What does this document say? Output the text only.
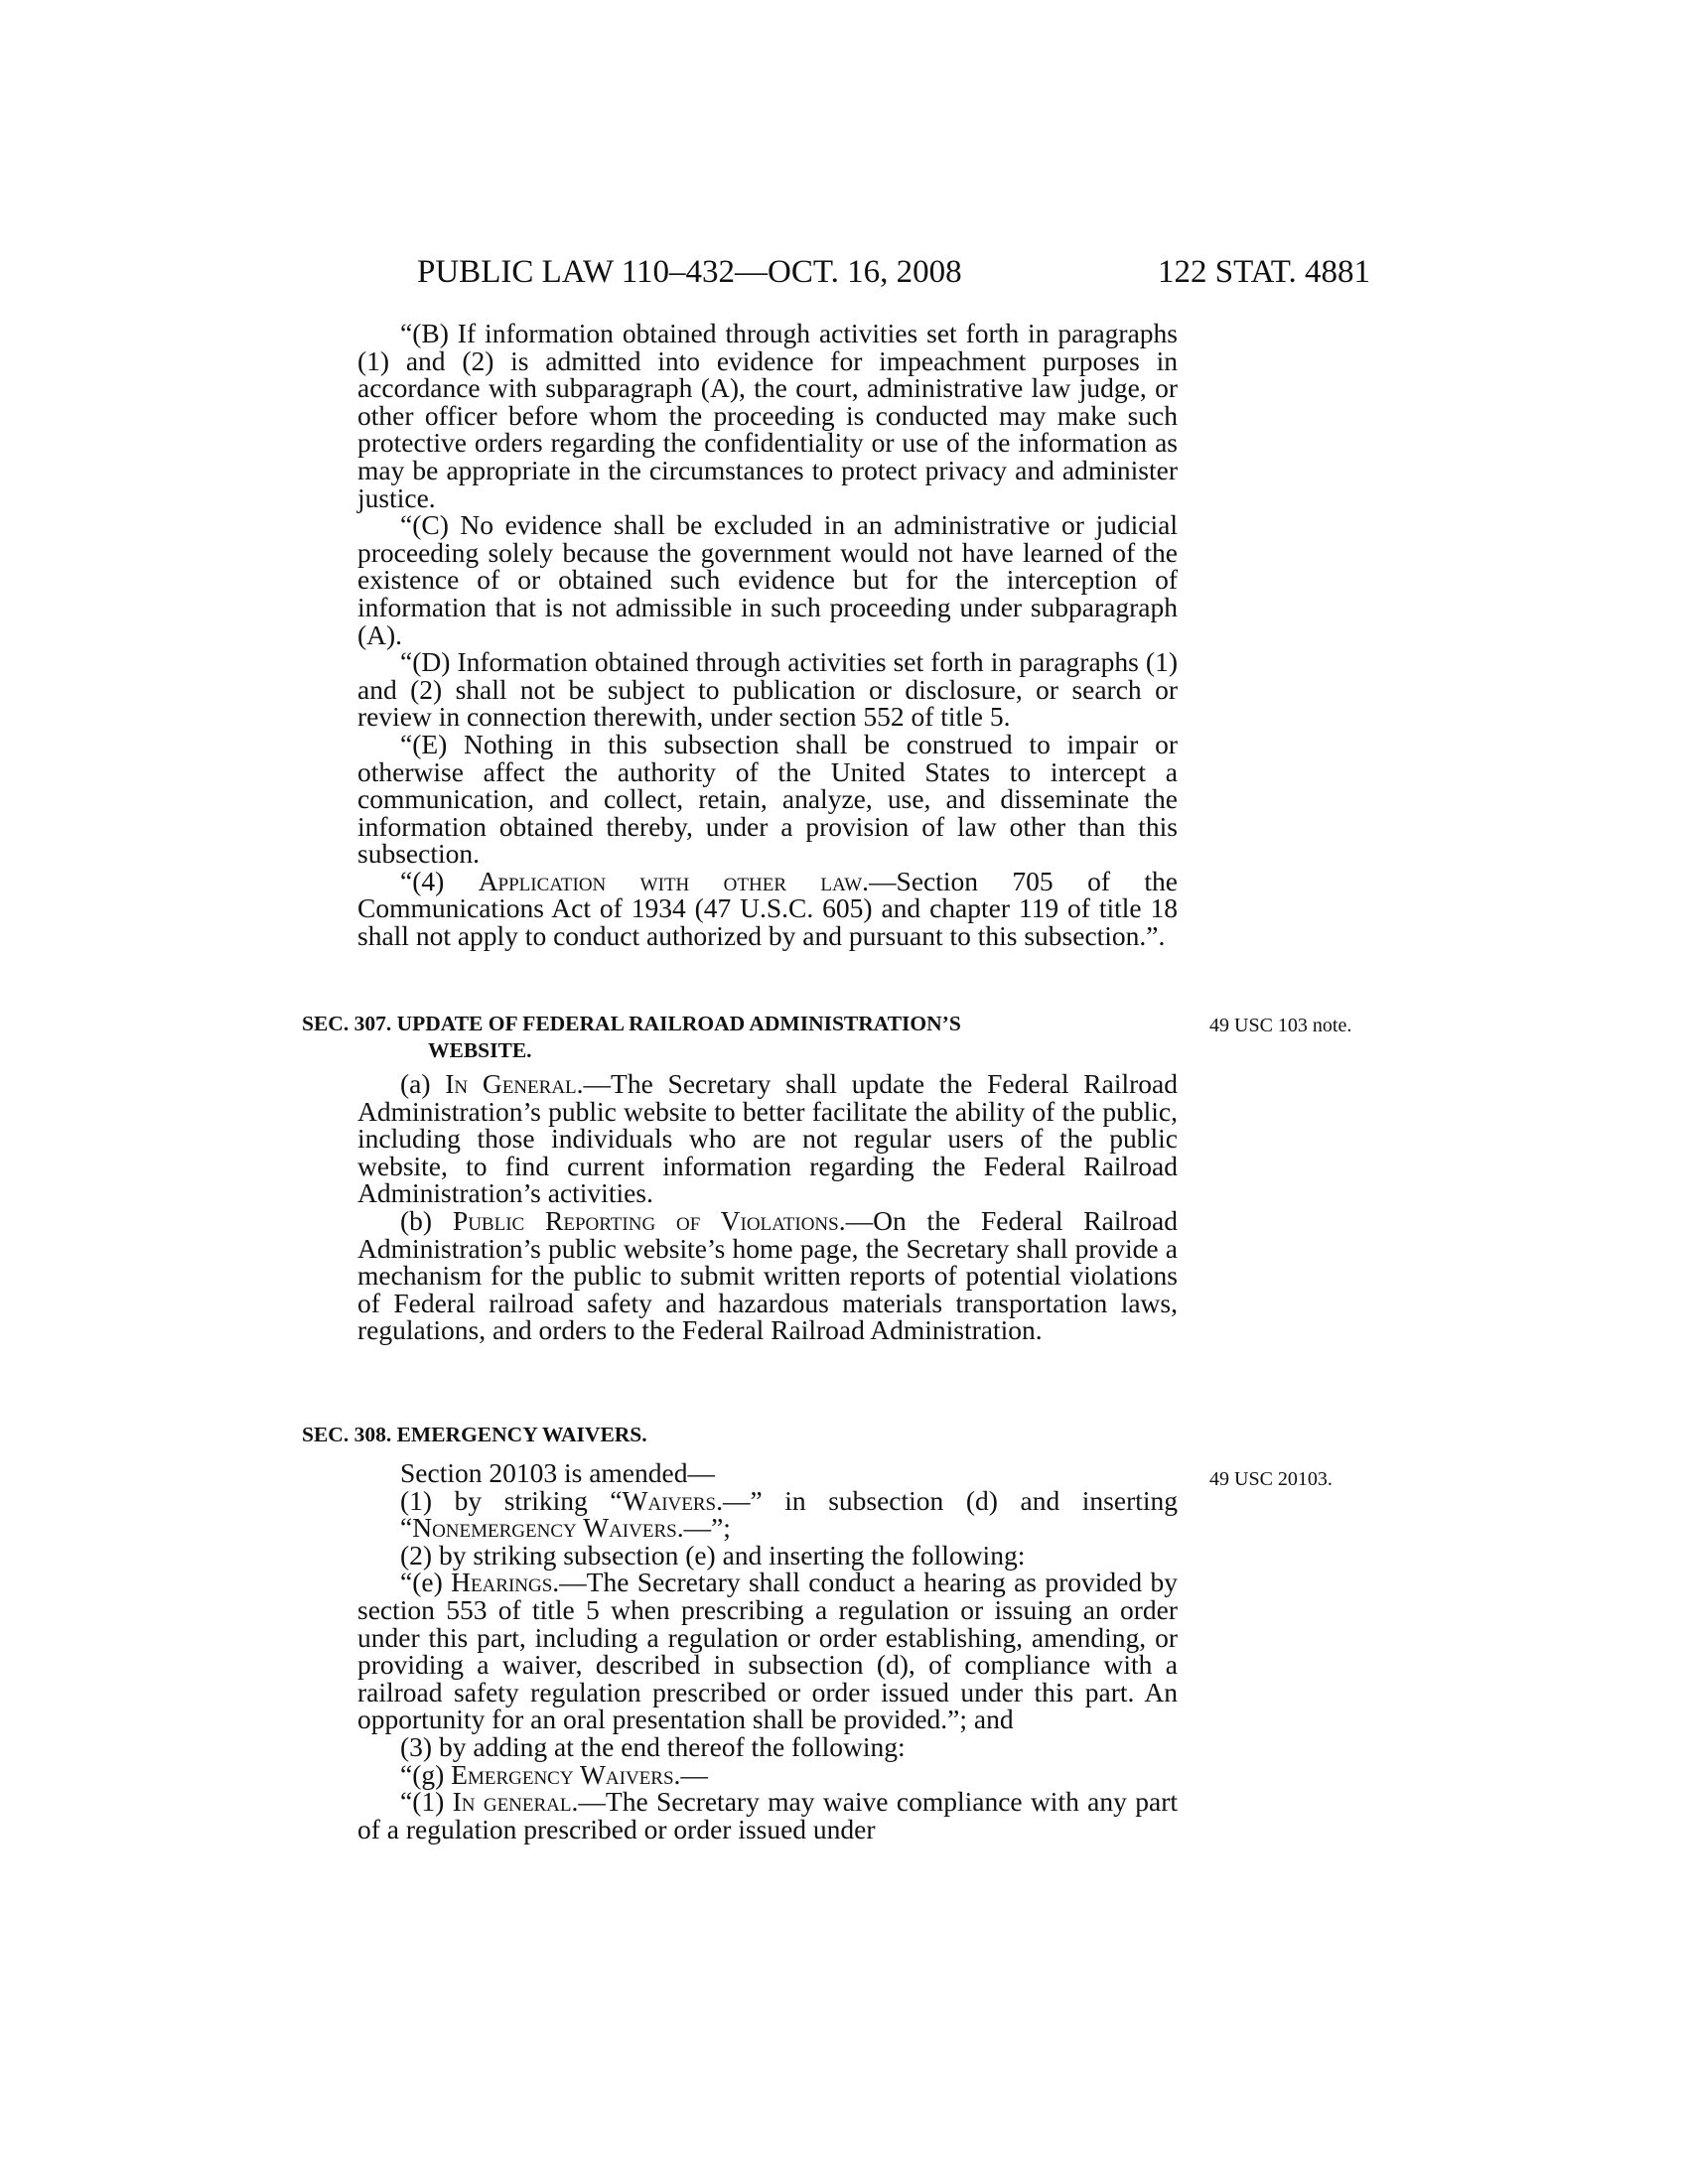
PUBLIC LAW 110–432—OCT. 16, 2008	122 STAT. 4881

“(B) If information obtained through activities set forth in paragraphs (1) and (2) is admitted into evidence for impeachment purposes in accordance with subparagraph (A), the court, administrative law judge, or other officer before whom the proceeding is conducted may make such protective orders regarding the confidentiality or use of the information as may be appropriate in the circumstances to protect privacy and administer justice.

“(C) No evidence shall be excluded in an administrative or judicial proceeding solely because the government would not have learned of the existence of or obtained such evidence but for the interception of information that is not admissible in such proceeding under subparagraph (A).

“(D) Information obtained through activities set forth in paragraphs (1) and (2) shall not be subject to publication or disclosure, or search or review in connection therewith, under section 552 of title 5.

“(E) Nothing in this subsection shall be construed to impair or otherwise affect the authority of the United States to intercept a communication, and collect, retain, analyze, use, and disseminate the information obtained thereby, under a provision of law other than this subsection.

“(4) Application with other law.—Section 705 of the Communications Act of 1934 (47 U.S.C. 605) and chapter 119 of title 18 shall not apply to conduct authorized by and pursuant to this subsection.”.

SEC. 307. UPDATE OF FEDERAL RAILROAD ADMINISTRATION’S
WEBSITE.
49 USC 103 note.

(a) In General.—The Secretary shall update the Federal Railroad Administration’s public website to better facilitate the ability of the public, including those individuals who are not regular users of the public website, to find current information regarding the Federal Railroad Administration’s activities.

(b) Public Reporting of Violations.—On the Federal Railroad Administration’s public website’s home page, the Secretary shall provide a mechanism for the public to submit written reports of potential violations of Federal railroad safety and hazardous materials transportation laws, regulations, and orders to the Federal Railroad Administration.

SEC. 308. EMERGENCY WAIVERS.
49 USC 20103.

Section 20103 is amended—

(1) by striking “Waivers.—” in subsection (d) and inserting “Nonemergency Waivers.—”;

(2) by striking subsection (e) and inserting the following:

“(e) Hearings.—The Secretary shall conduct a hearing as provided by section 553 of title 5 when prescribing a regulation or issuing an order under this part, including a regulation or order establishing, amending, or providing a waiver, described in subsection (d), of compliance with a railroad safety regulation prescribed or order issued under this part. An opportunity for an oral presentation shall be provided.”; and

(3) by adding at the end thereof the following:

“(g) Emergency Waivers.—

“(1) In general.—The Secretary may waive compliance with any part of a regulation prescribed or order issued under
